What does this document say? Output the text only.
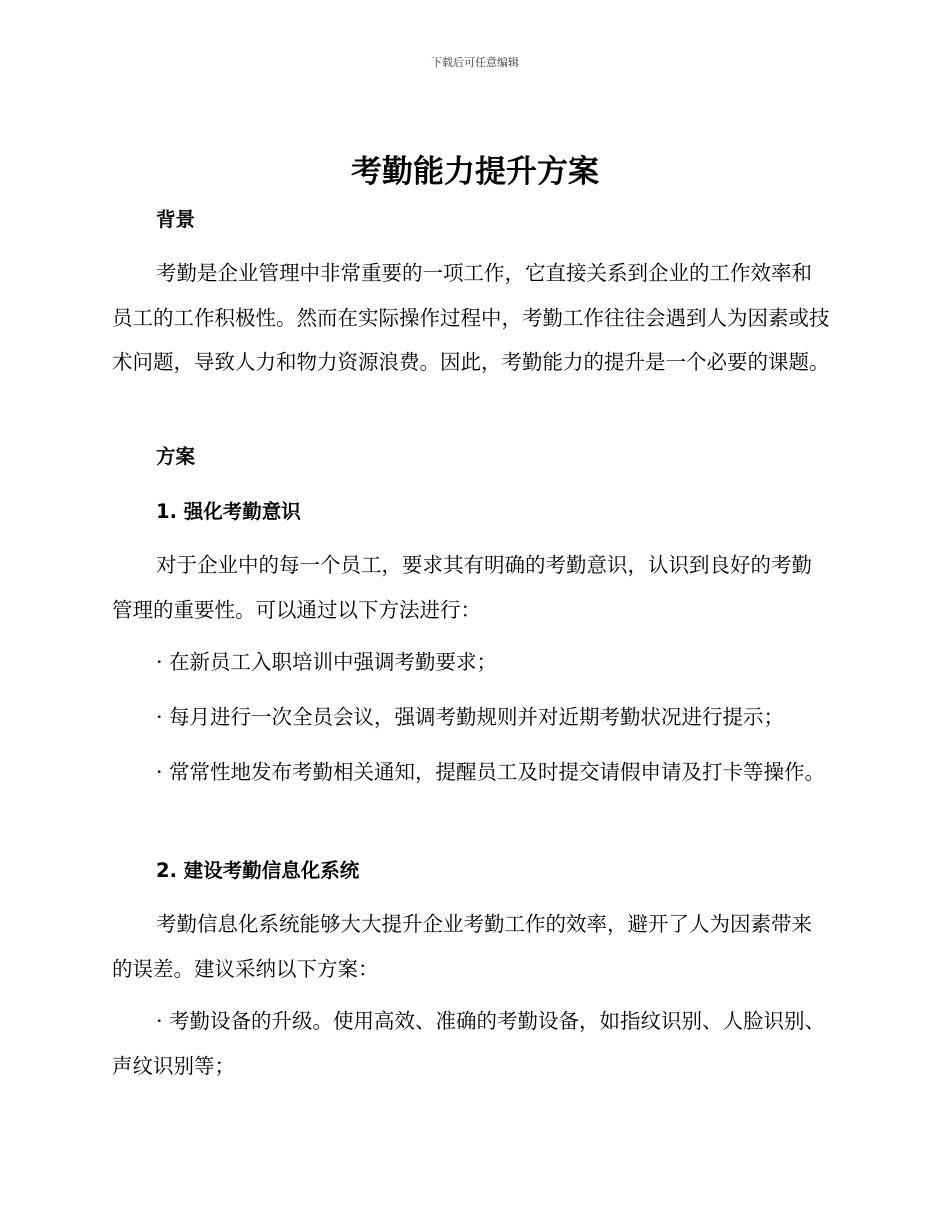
下载后可任意编辑
考勤能力提升方案
背景

考勤是企业管理中非常重要的一项工作，它直接关系到企业的工作效率和员工的工作积极性。然而在实际操作过程中，考勤工作往往会遇到人为因素或技术问题，导致人力和物力资源浪费。因此，考勤能力的提升是一个必要的课题。

方案
1. 强化考勤意识

对于企业中的每一个员工，要求其有明确的考勤意识，认识到良好的考勤管理的重要性。可以通过以下方法进行：

· 在新员工入职培训中强调考勤要求；

· 每月进行一次全员会议，强调考勤规则并对近期考勤状况进行提示；

· 常常性地发布考勤相关通知，提醒员工及时提交请假申请及打卡等操作。

2. 建设考勤信息化系统

考勤信息化系统能够大大提升企业考勤工作的效率，避开了人为因素带来的误差。建议采纳以下方案：

· 考勤设备的升级。使用高效、准确的考勤设备，如指纹识别、人脸识别、声纹识别等；
